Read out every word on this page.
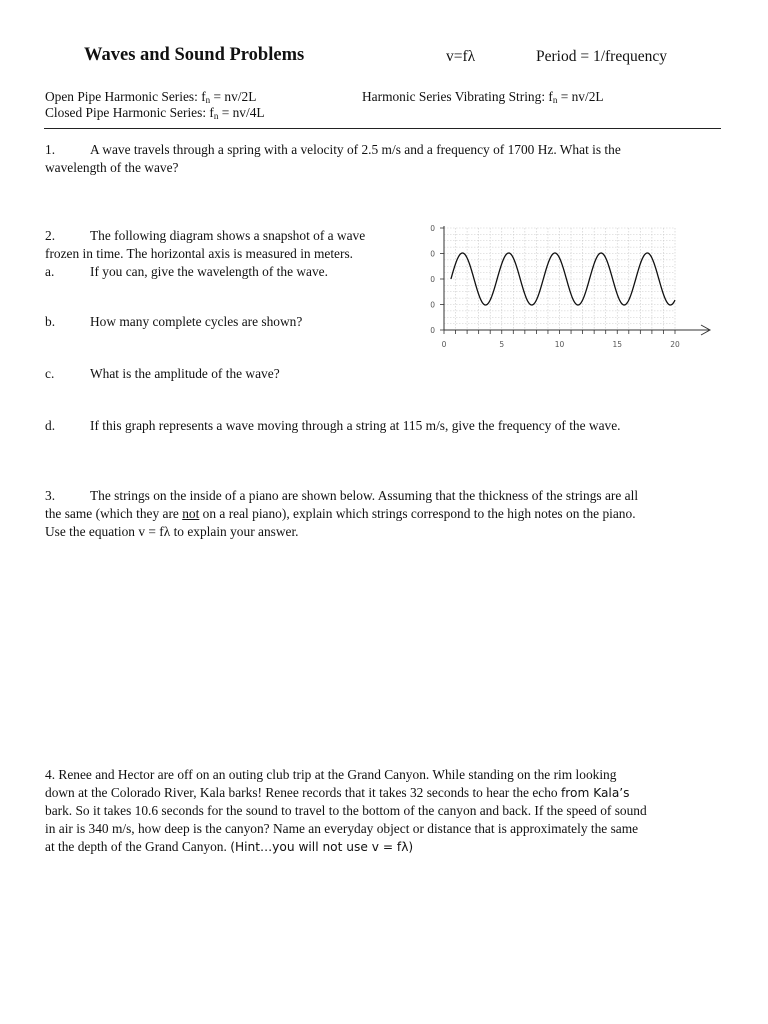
Waves and Sound Problems	v=fλ	Period = 1/frequency
Open Pipe Harmonic Series: $f_n = nv/2L$
Closed Pipe Harmonic Series: $f_n = nv/4L$
Harmonic Series Vibrating String: $f_n = nv/2L$
1.	A wave travels through a spring with a velocity of 2.5 m/s and a frequency of 1700 Hz. What is the
wavelength of the wave?
2.	The following diagram shows a snapshot of a wave
frozen in time. The horizontal axis is measured in meters.
a.	If you can, give the wavelength of the wave.
b.	How many complete cycles are shown?
c.	What is the amplitude of the wave?
d.	If this graph represents a wave moving through a string at 115 m/s, give the frequency of the wave.
0
0
0
0
0
0	5	10	15	20
3.	The strings on the inside of a piano are shown below. Assuming that the thickness of the strings are all
the same (which they are not on a real piano), explain which strings correspond to the high notes on the piano.
Use the equation v = fλ to explain your answer.
4. Renee and Hector are off on an outing club trip at the Grand Canyon. While standing on the rim looking
down at the Colorado River, Kala barks! Renee records that it takes 32 seconds to hear the echo from Kala’s
bark. So it takes 10.6 seconds for the sound to travel to the bottom of the canyon and back. If the speed of sound
in air is 340 m/s, how deep is the canyon? Name an everyday object or distance that is approximately the same
at the depth of the Grand Canyon. (Hint…you will not use v = fλ)
